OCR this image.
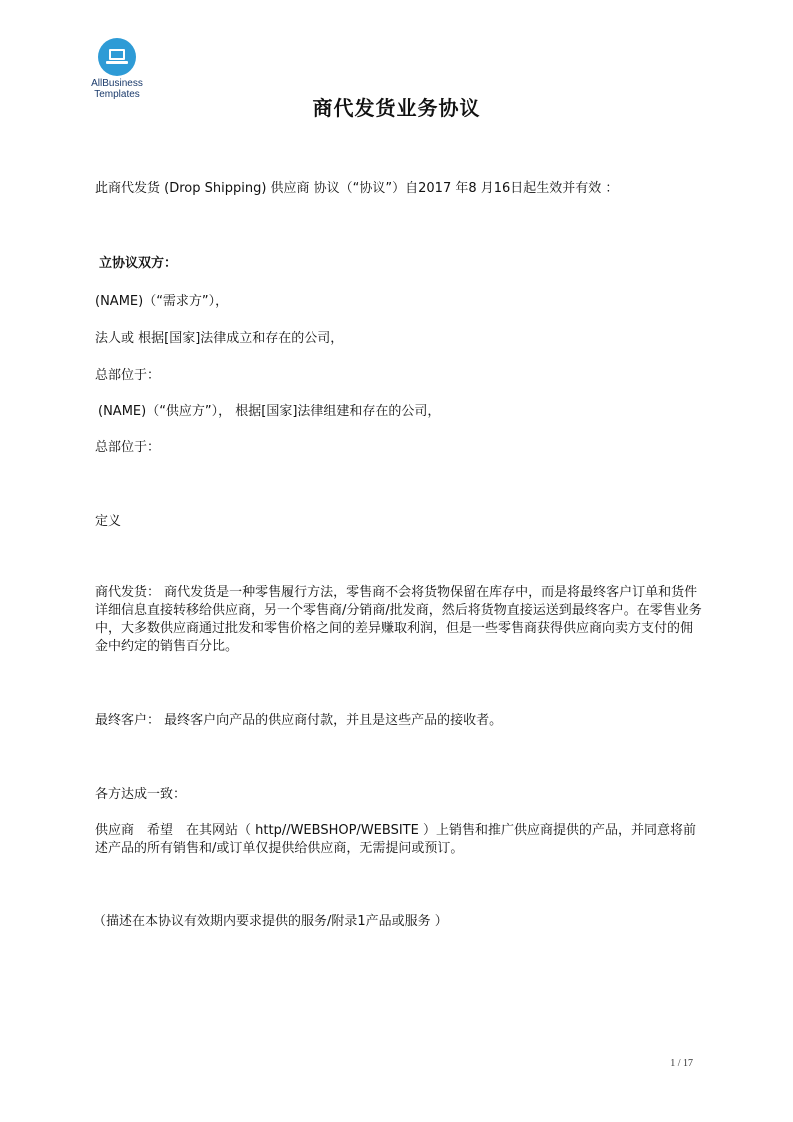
AllBusiness
Templates
商代发货业务协议
此商代发货 (Drop Shipping) 供应商 协议（“协议”）自2017 年8 月16日起生效并有效 ：
立协议双方：
(NAME)（“需求方”），
法人或 根据[国家]法律成立和存在的公司，
总部位于：
(NAME)（“供应方”）， 根据[国家]法律组建和存在的公司，
总部位于：
定义
商代发货： 商代发货是一种零售履行方法，零售商不会将货物保留在库存中，而是将最终客户订单和货件详细信息直接转移给供应商，另一个零售商/分销商/批发商，然后将货物直接运送到最终客户。在零售业务中，大多数供应商通过批发和零售价格之间的差异赚取利润，但是一些零售商获得供应商向卖方支付的佣金中约定的销售百分比。
最终客户： 最终客户向产品的供应商付款，并且是这些产品的接收者。
各方达成一致：
供应商　希望　在其网站（ http//WEBSHOP/WEBSITE ）上销售和推广供应商提供的产品，并同意将前述产品的所有销售和/或订单仅提供给供应商，无需提问或预订。
（描述在本协议有效期内要求提供的服务/附录1产品或服务 ）
1 / 17
